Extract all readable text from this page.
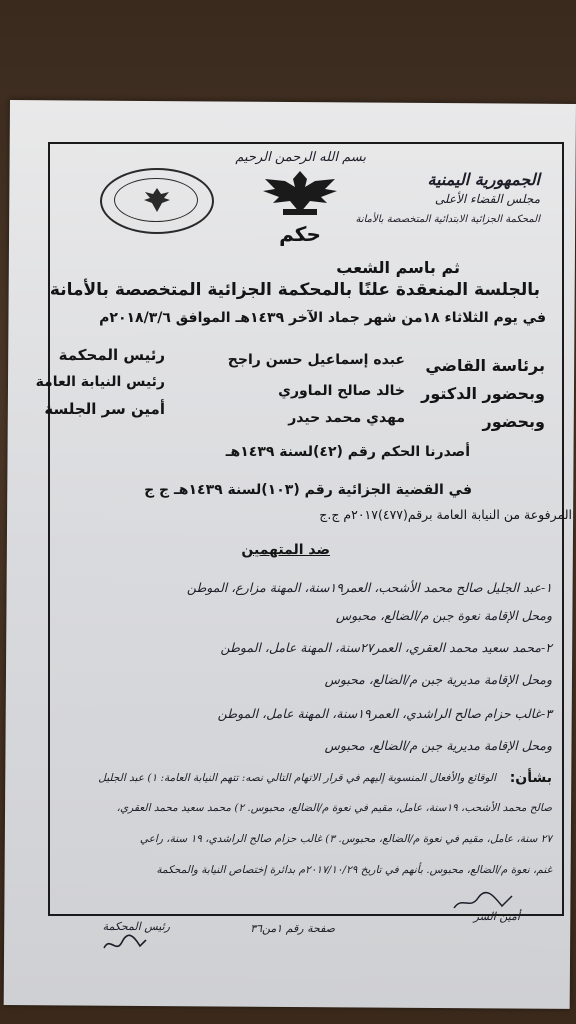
بسم الله الرحمن الرحيم
حكم
الجمهورية اليمنية
مجلس القضاء الأعلى
المحكمة الجزائية الابتدائية المتخصصة بالأمانة
ثم باسم الشعب
بالجلسة المنعقدة علنًا بالمحكمة الجزائية المتخصصة بالأمانة
في يوم الثلاثاء ١٨من شهر جماد الآخر ١٤٣٩هـ الموافق ٢٠١٨/٣/٦م
برئاسة القاضي
عبده إسماعيل حسن راجح
رئيس المحكمة
وبحضور الدكتور
خالد صالح الماوري
رئيس النيابة العامة
وبحضور
مهدي محمد حيدر
أمين سر الجلسة
أصدرنا الحكم رقم (٤٢)لسنة ١٤٣٩هـ
في القضية الجزائية رقم (١٠٣)لسنة ١٤٣٩هـ ج ج
المرفوعة من النيابة العامة برقم(٤٧٧)٢٠١٧م ج.ج
ضد المتهمين
١-عبد الجليل صالح محمد الأشحب، العمر١٩سنة، المهنة مزارع، الموطن
ومحل الإقامة نعوة جبن م/الضالع، محبوس
٢-محمد سعيد محمد العقري، العمر٢٧سنة، المهنة عامل، الموطن
ومحل الإقامة مديرية جبن م/الضالع، محبوس
٣-غالب حزام صالح الراشدي، العمر١٩سنة، المهنة عامل، الموطن
ومحل الإقامة مديرية جبن م/الضالع، محبوس
بشأن:
الوقائع والأفعال المنسوبة إليهم في قرار الاتهام التالي نصه: تتهم النيابة العامة: ١) عبد الجليل
صالح محمد الأشحب، ١٩سنة، عامل، مقيم في نعوة م/الضالع، محبوس. ٢) محمد سعيد محمد العقري،
٢٧ سنة، عامل، مقيم في نعوة م/الضالع، محبوس. ٣) غالب حزام صالح الراشدي، ١٩ سنة، راعي
غنم، نعوة م/الضالع، محبوس. بأنهم في تاريخ ٢٠١٧/١٠/٢٩م بدائرة إختصاص النيابة والمحكمة
رئيس المحكمة	صفحة رقم ١من٣٦
أمين السر
